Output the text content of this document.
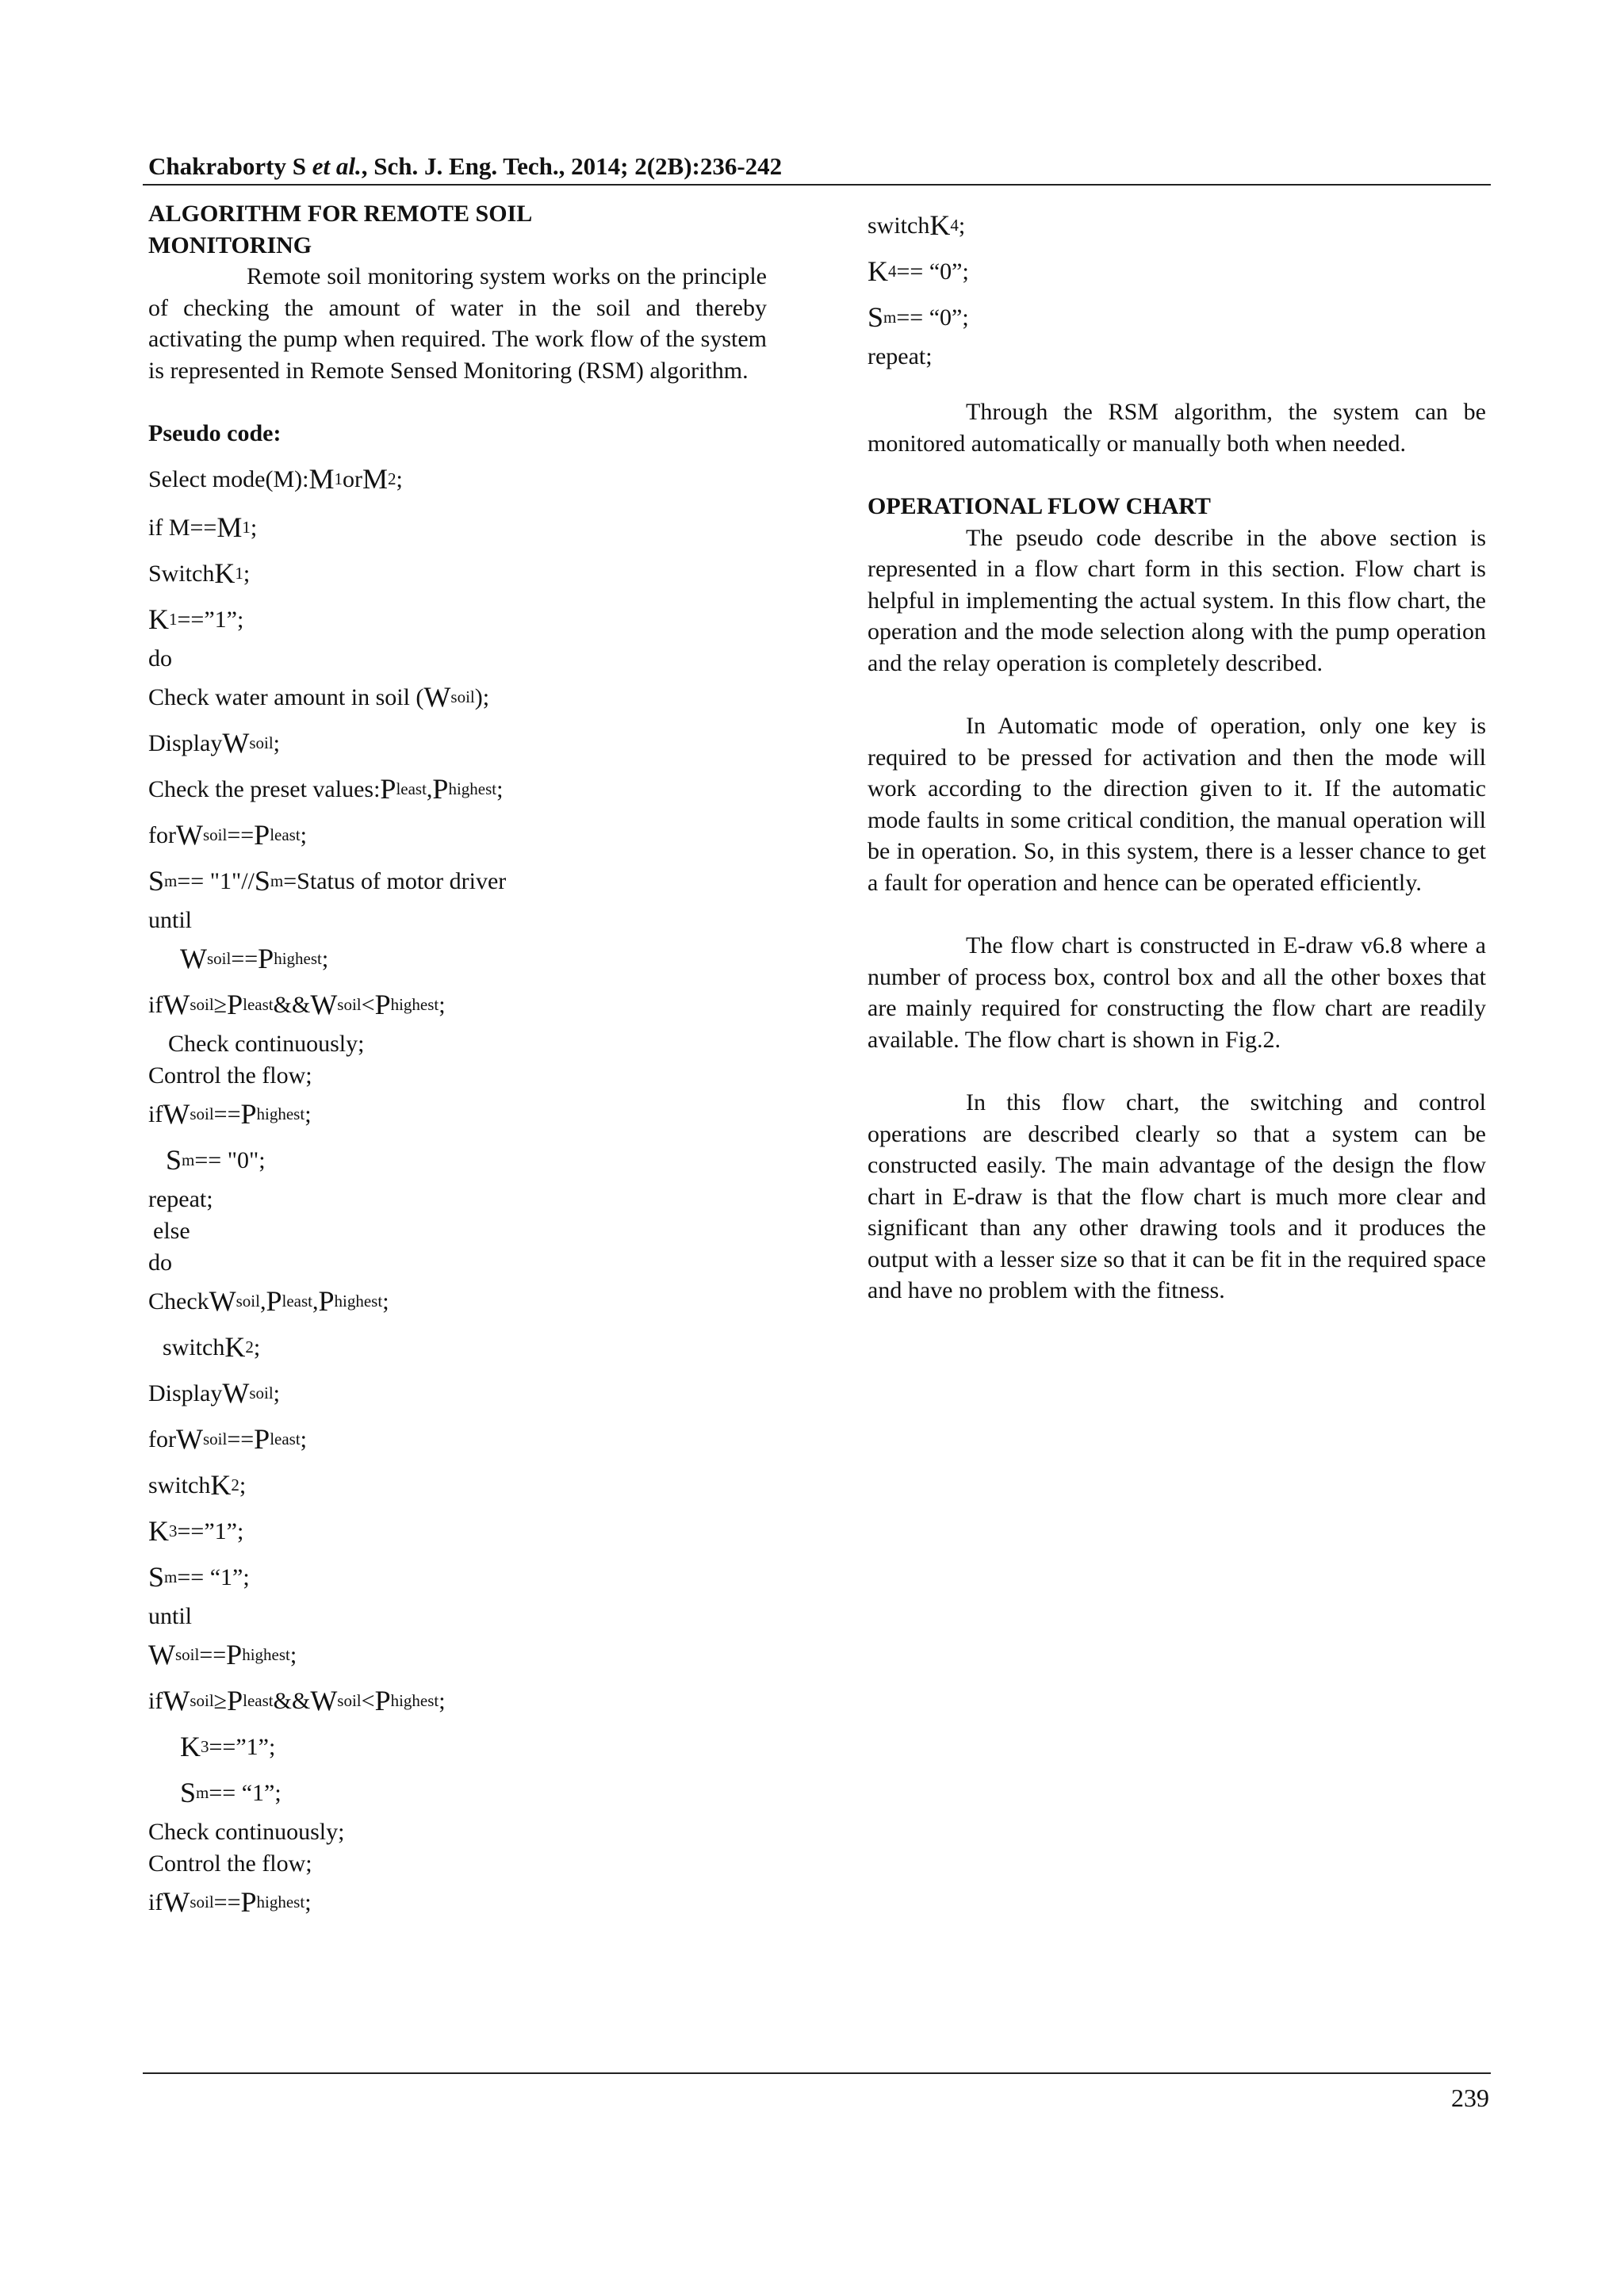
Chakraborty S et al., Sch. J. Eng. Tech., 2014; 2(2B):236-242
ALGORITHM FOR REMOTE SOIL
MONITORING

Remote soil monitoring system works on the principle of checking the amount of water in the soil and thereby activating the pump when required. The work flow of the system is represented in Remote Sensed Monitoring (RSM) algorithm.

Pseudo code:
Select mode(M): M 1 or M 2 ;
if M== M 1 ;
Switch K 1 ;
K 1 ==”1”;
do
Check water amount in soil ( W soil );
Display W soil ;
Check the preset values: P least , P highest ;
for W soil == P least ;
S m == "1"// S m =Status of motor driver
until
W soil == P highest ;
if W soil ≥ P least && W soil < P highest ;
Check continuously;
Control the flow;
if W soil == P highest ;
S m == "0";
repeat;
else
do
Check W soil , P least , P highest ;
switch K 2 ;
Display W soil ;
for W soil == P least ;
switch K 2 ;
K 3 ==”1”;
S m == “1”;
until
W soil == P highest ;
if W soil ≥ P least && W soil < P highest ;
K 3 ==”1”;
S m == “1”;
Check continuously;
Control the flow;
if W soil == P highest ;
switch K 4 ;
K 4 == “0”;
S m == “0”;
repeat;

Through the RSM algorithm, the system can be monitored automatically or manually both when needed.

OPERATIONAL FLOW CHART

The pseudo code describe in the above section is represented in a flow chart form in this section. Flow chart is helpful in implementing the actual system. In this flow chart, the operation and the mode selection along with the pump operation and the relay operation is completely described.

In Automatic mode of operation, only one key is required to be pressed for activation and then the mode will work according to the direction given to it. If the automatic mode faults in some critical condition, the manual operation will be in operation. So, in this system, there is a lesser chance to get a fault for operation and hence can be operated efficiently.

The flow chart is constructed in E-draw v6.8 where a number of process box, control box and all the other boxes that are mainly required for constructing the flow chart are readily available. The flow chart is shown in Fig.2.

In this flow chart, the switching and control operations are described clearly so that a system can be constructed easily. The main advantage of the design the flow chart in E-draw is that the flow chart is much more clear and significant than any other drawing tools and it produces the output with a lesser size so that it can be fit in the required space and have no problem with the fitness.

239
